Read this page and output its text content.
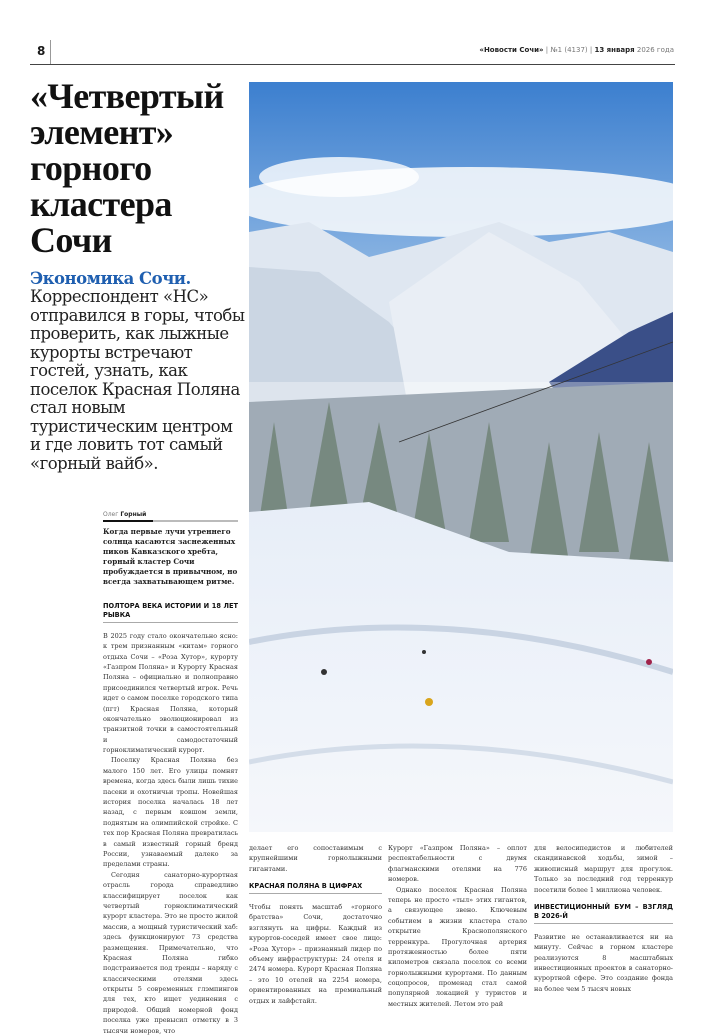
8	«Новости Сочи» | №1 (4137) | 13 января 2026 года
«Четвертый элемент» горного кластера Сочи
Экономика Сочи. Корреспондент «НС» отправился в горы, чтобы проверить, как лыжные курорты встречают гостей, узнать, как поселок Красная Поляна стал новым туристическим центром и где ловить тот самый «горный вайб».
Олег Горный
Когда первые лучи утреннего солнца касаются заснеженных пиков Кавказского хребта, горный кластер Сочи пробуждается в привычном, но всегда захватывающем ритме.
ПОЛТОРА ВЕКА ИСТОРИИ И 18 ЛЕТ РЫВКА

В 2025 году стало окончательно ясно: к трем признанным «китам» горного отдыха Сочи – «Роза Хутор», курорту «Газпром Поляна» и Курорту Красная Поляна – официально и полноправно присоединился четвертый игрок. Речь идет о самом поселке городского типа (пгт) Красная Поляна, который окончательно эволюционировал из транзитной точки в самостоятельный и самодостаточный горноклиматический курорт.

Поселку Красная Поляна без малого 150 лет. Его улицы помнят времена, когда здесь были лишь тихие пасеки и охотничьи тропы. Новейшая история поселка началась 18 лет назад, с первым ковшом земли, поднятым на олимпийской стройке. С тех пор Красная Поляна превратилась в самый известный горный бренд России, узнаваемый далеко за пределами страны.

Сегодня санаторно-курортная отрасль города справедливо классифицирует поселок как четвертый горноклиматический курорт кластера. Это не просто жилой массив, а мощный туристический хаб: здесь функционируют 73 средства размещения. Примечательно, что Красная Поляна гибко подстраивается под тренды – наряду с классическими отелями здесь открыты 5 современных глэмпингов для тех, кто ищет уединения с природой. Общий номерной фонд поселка уже превысил отметку в 3 тысячи номеров, что

делает его сопоставимым с крупнейшими горнолыжными гигантами.

КРАСНАЯ ПОЛЯНА В ЦИФРАХ

Чтобы понять масштаб «горного братства» Сочи, достаточно взглянуть на цифры. Каждый из курортов-соседей имеет свое лицо: «Роза Хутор» – признанный лидер по объему инфраструктуры: 24 отеля и 2474 номера. Курорт Красная Поляна – это 10 отелей на 2254 номера, ориентированных на премиальный отдых и лайфстайл.

Курорт «Газпром Поляна» – оплот респектабельности с двумя флагманскими отелями на 776 номеров.

Однако поселок Красная Поляна теперь не просто «тыл» этих гигантов, а связующее звено. Ключевым событием в жизни кластера стало открытие Краснополянского терренкура. Прогулочная артерия протяженностью более пяти километров связала поселок со всеми горнолыжными курортами. По данным соцопросов, променад стал самой популярной локацией у туристов и местных жителей. Летом это рай

для велосипедистов и любителей скандинавской ходьбы, зимой – живописный маршрут для прогулок. Только за последний год терренкур посетили более 1 миллиона человек.

ИНВЕСТИЦИОННЫЙ БУМ – ВЗГЛЯД В 2026-Й

Развитие не останавливается ни на минуту. Сейчас в горном кластере реализуются 8 масштабных инвестиционных проектов в санаторно-курортной сфере. Это создание фонда на более чем 5 тысяч новых
